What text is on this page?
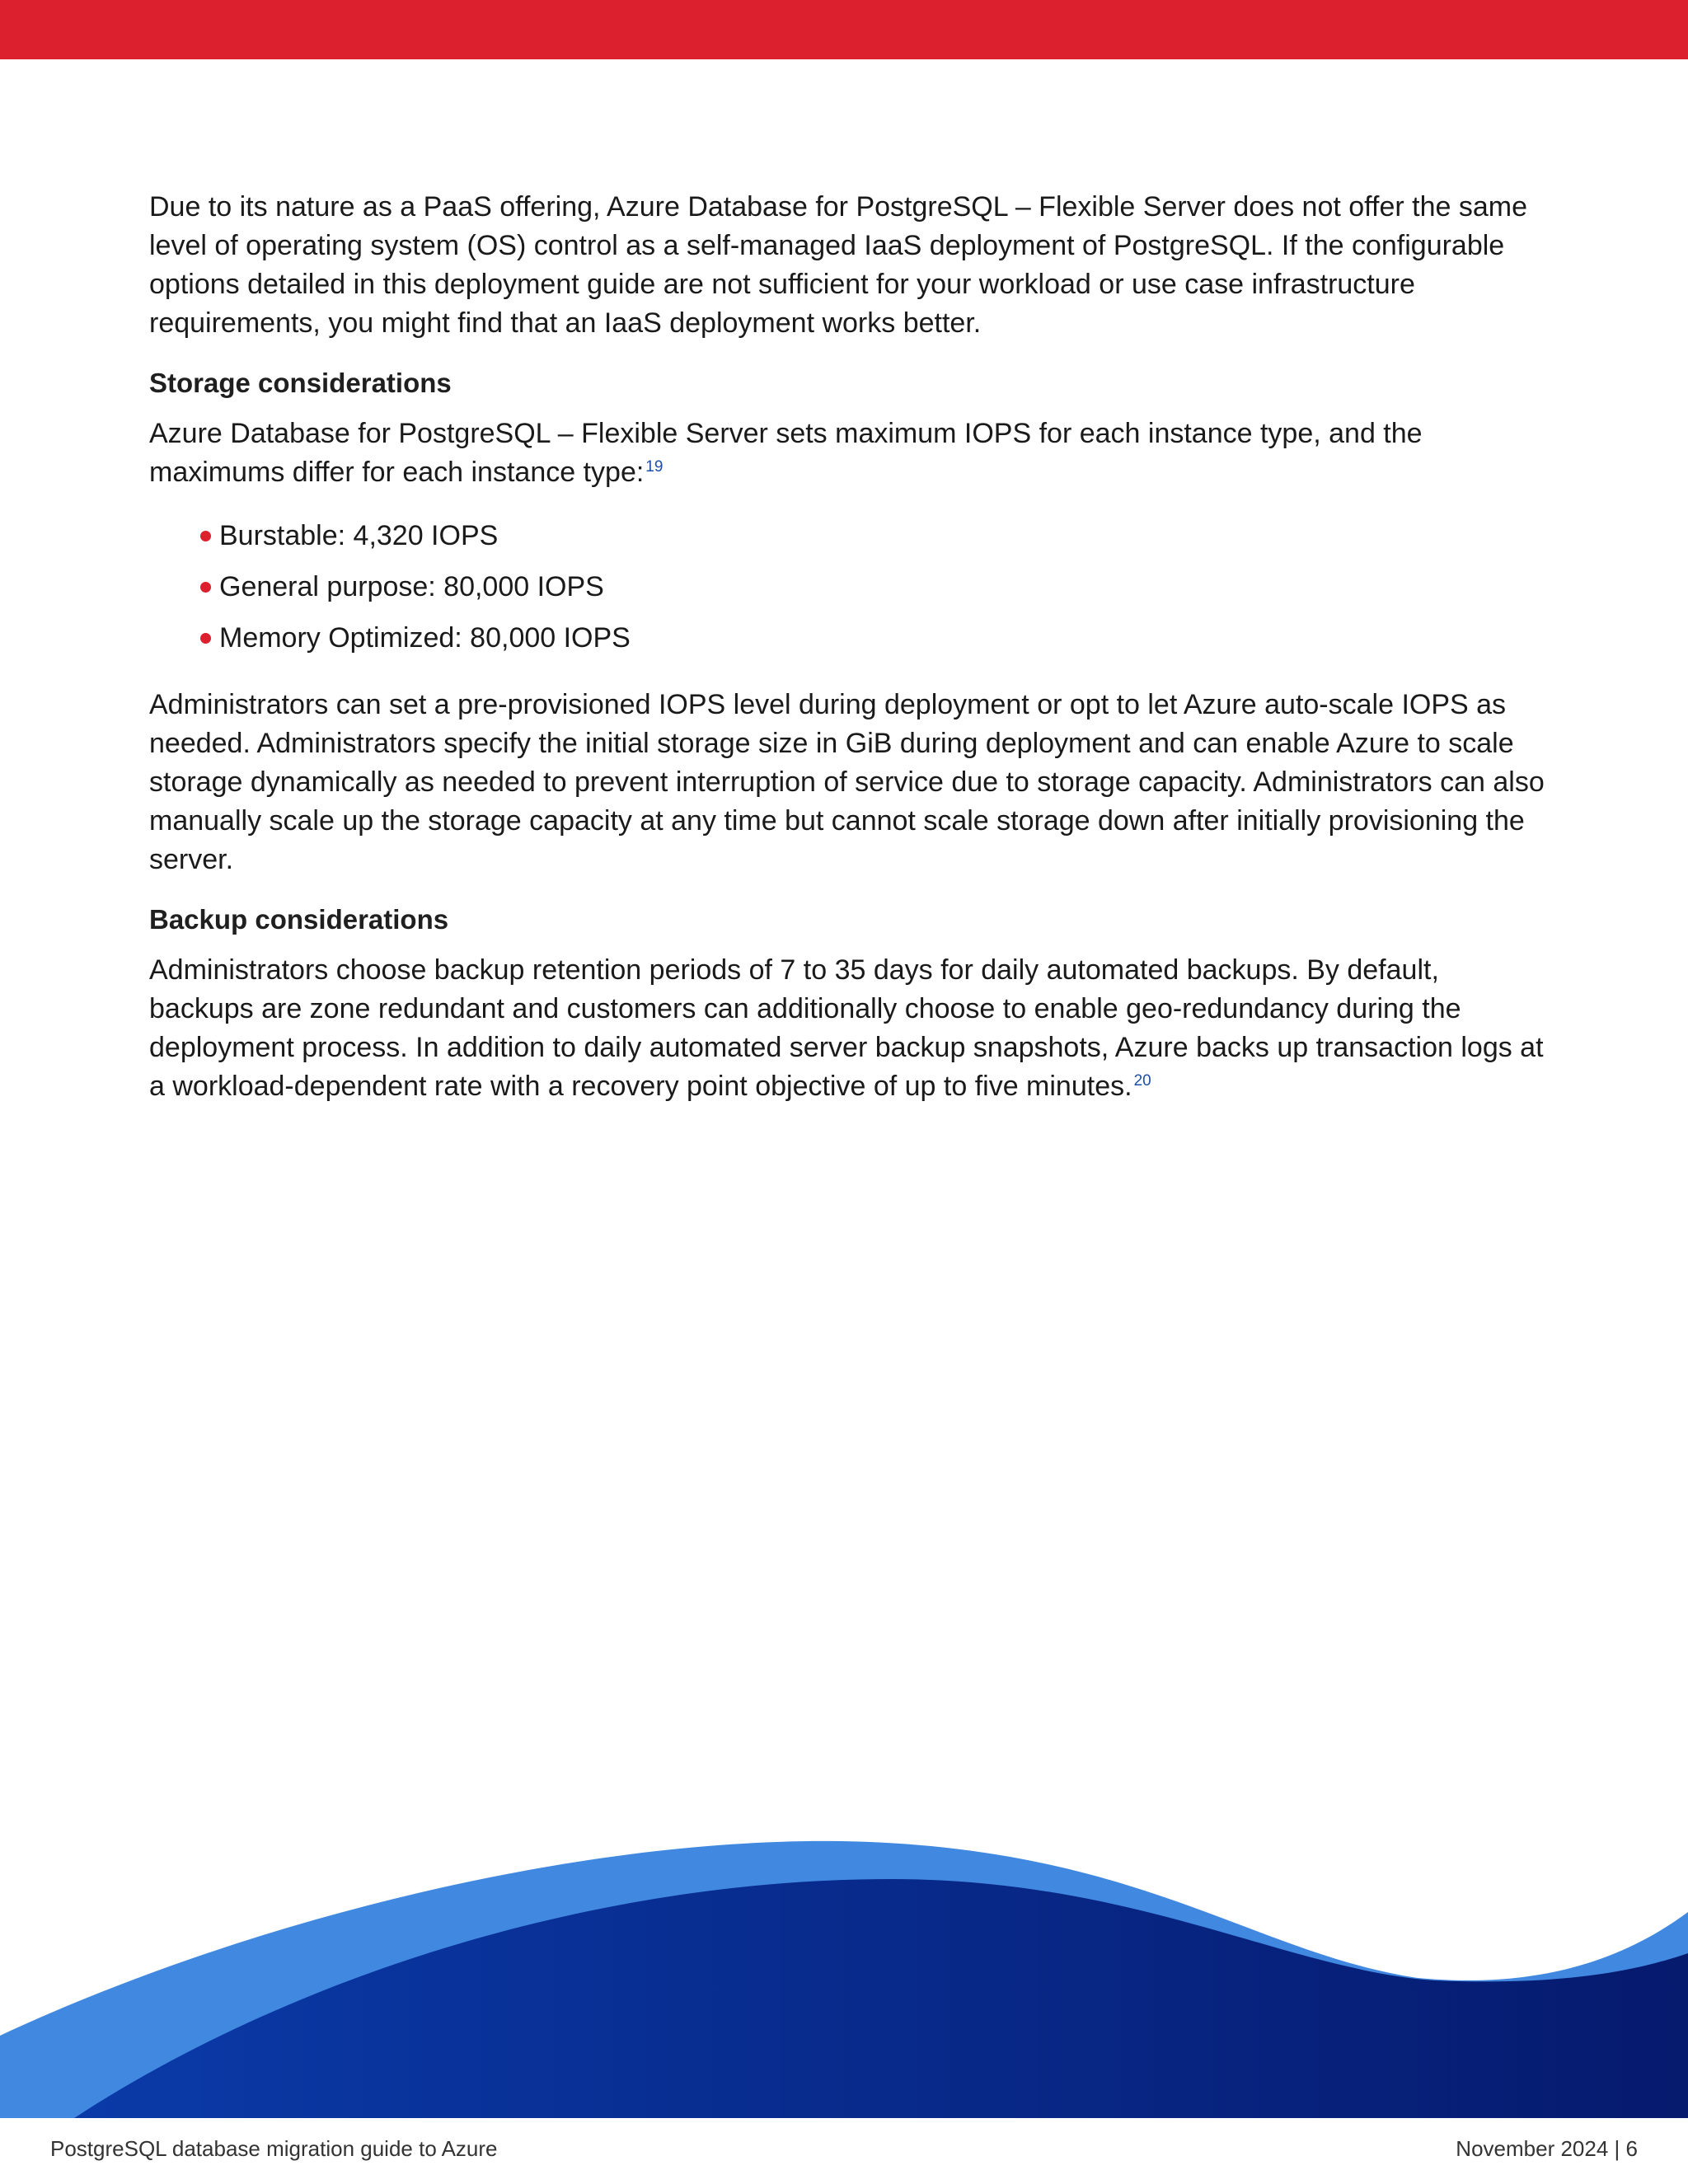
Due to its nature as a PaaS offering, Azure Database for PostgreSQL – Flexible Server does not offer the same level of operating system (OS) control as a self-managed IaaS deployment of PostgreSQL. If the configurable options detailed in this deployment guide are not sufficient for your workload or use case infrastructure requirements, you might find that an IaaS deployment works better.

Storage considerations

Azure Database for PostgreSQL – Flexible Server sets maximum IOPS for each instance type, and the maximums differ for each instance type: $^{19}$

Burstable: 4,320 IOPS
General purpose: 80,000 IOPS
Memory Optimized: 80,000 IOPS

Administrators can set a pre-provisioned IOPS level during deployment or opt to let Azure auto-scale IOPS as needed. Administrators specify the initial storage size in GiB during deployment and can enable Azure to scale storage dynamically as needed to prevent interruption of service due to storage capacity. Administrators can also manually scale up the storage capacity at any time but cannot scale storage down after initially provisioning the server.

Backup considerations

Administrators choose backup retention periods of 7 to 35 days for daily automated backups. By default, backups are zone redundant and customers can additionally choose to enable geo-redundancy during the deployment process. In addition to daily automated server backup snapshots, Azure backs up transaction logs at a workload-dependent rate with a recovery point objective of up to five minutes. $^{20}$

PostgreSQL database migration guide to Azure	November 2024 | 6
